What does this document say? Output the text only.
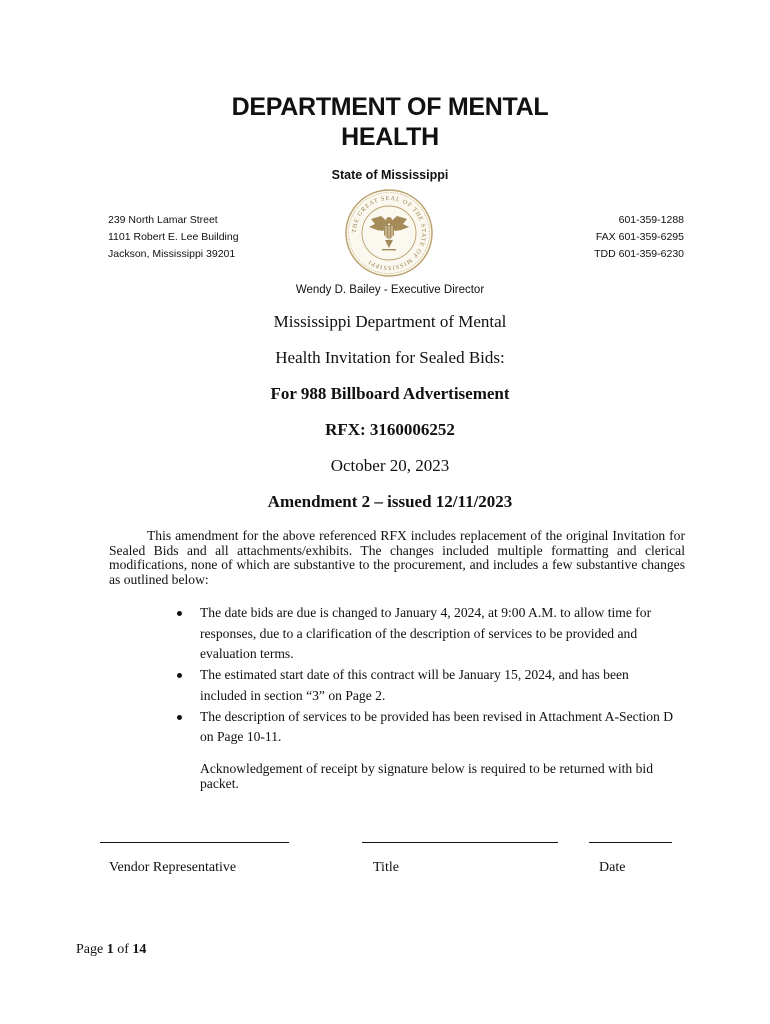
DEPARTMENT OF MENTAL
HEALTH
State of Mississippi
239 North Lamar Street
1101 Robert E. Lee Building
Jackson, Mississippi 39201
601-359-1288
FAX 601-359-6295
TDD 601-359-6230
THE GREAT SEAL OF THE STATE OF MISSISSIPPI
Wendy D. Bailey - Executive Director
Mississippi Department of Mental
Health Invitation for Sealed Bids:
For 988 Billboard Advertisement
RFX: 3160006252
October 20, 2023
Amendment 2 – issued 12/11/2023
This amendment for the above referenced RFX includes replacement of the original Invitation for Sealed Bids and all attachments/exhibits. The changes included multiple formatting and clerical modifications, none of which are substantive to the procurement, and includes a few substantive changes as outlined below:
The date bids are due is changed to January 4, 2024, at 9:00 A.M. to allow time for responses, due to a clarification of the description of services to be provided and evaluation terms.
The estimated start date of this contract will be January 15, 2024, and has been included in section “3” on Page 2.
The description of services to be provided has been revised in Attachment A-Section D on Page 10-11.
Acknowledgement of receipt by signature below is required to be returned with bid packet.
Vendor Representative	Title	Date
Page 1 of 14
